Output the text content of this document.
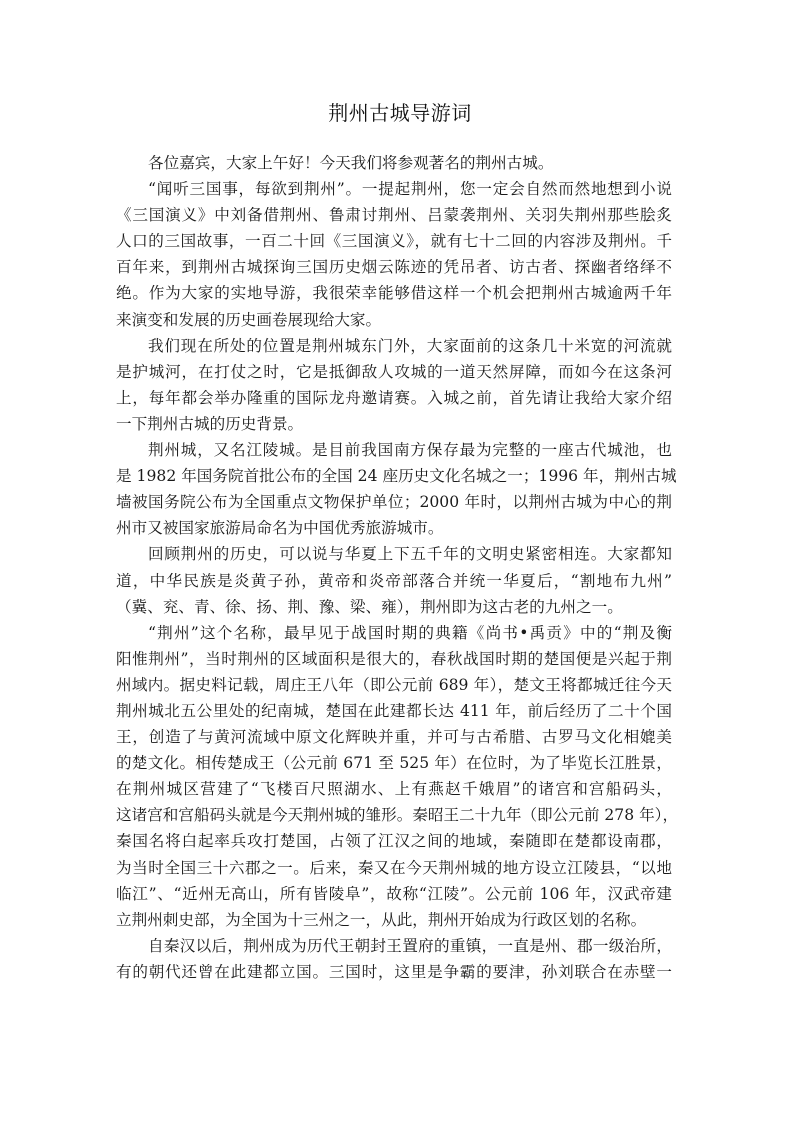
荆州古城导游词
各位嘉宾，大家上午好！今天我们将参观著名的荆州古城。
“闻听三国事，每欲到荆州”。一提起荆州，您一定会自然而然地想到小说
《三国演义》中刘备借荆州、鲁肃讨荆州、吕蒙袭荆州、关羽失荆州那些脍炙
人口的三国故事，一百二十回《三国演义》，就有七十二回的内容涉及荆州。千
百年来，到荆州古城探询三国历史烟云陈迹的凭吊者、访古者、探幽者络绎不
绝。作为大家的实地导游，我很荣幸能够借这样一个机会把荆州古城逾两千年
来演变和发展的历史画卷展现给大家。
我们现在所处的位置是荆州城东门外，大家面前的这条几十米宽的河流就
是护城河，在打仗之时，它是抵御敌人攻城的一道天然屏障，而如今在这条河
上，每年都会举办隆重的国际龙舟邀请赛。入城之前，首先请让我给大家介绍
一下荆州古城的历史背景。
荆州城，又名江陵城。是目前我国南方保存最为完整的一座古代城池，也
是 1982 年国务院首批公布的全国 24 座历史文化名城之一；1996 年，荆州古城
墙被国务院公布为全国重点文物保护单位；2000 年时，以荆州古城为中心的荆
州市又被国家旅游局命名为中国优秀旅游城市。
回顾荆州的历史，可以说与华夏上下五千年的文明史紧密相连。大家都知
道，中华民族是炎黄子孙，黄帝和炎帝部落合并统一华夏后，“割地布九州”
（冀、兖、青、徐、扬、荆、豫、梁、雍），荆州即为这古老的九州之一。
“荆州”这个名称，最早见于战国时期的典籍《尚书•禹贡》中的“荆及衡
阳惟荆州”，当时荆州的区域面积是很大的，春秋战国时期的楚国便是兴起于荆
州域内。据史料记载，周庄王八年（即公元前 689 年），楚文王将都城迁往今天
荆州城北五公里处的纪南城，楚国在此建都长达 411 年，前后经历了二十个国
王，创造了与黄河流域中原文化辉映并重，并可与古希腊、古罗马文化相媲美
的楚文化。相传楚成王（公元前 671 至 525 年）在位时，为了毕览长江胜景，
在荆州城区营建了“飞楼百尺照湖水、上有燕赵千娥眉”的诸宫和宫船码头，
这诸宫和宫船码头就是今天荆州城的雏形。秦昭王二十九年（即公元前 278 年），
秦国名将白起率兵攻打楚国，占领了江汉之间的地域，秦随即在楚都设南郡，
为当时全国三十六郡之一。后来，秦又在今天荆州城的地方设立江陵县，“以地
临江”、“近州无高山，所有皆陵阜”，故称“江陵”。公元前 106 年，汉武帝建
立荆州刺史部，为全国为十三州之一，从此，荆州开始成为行政区划的名称。
自秦汉以后，荆州成为历代王朝封王置府的重镇，一直是州、郡一级治所，
有的朝代还曾在此建都立国。三国时，这里是争霸的要津，孙刘联合在赤壁一
